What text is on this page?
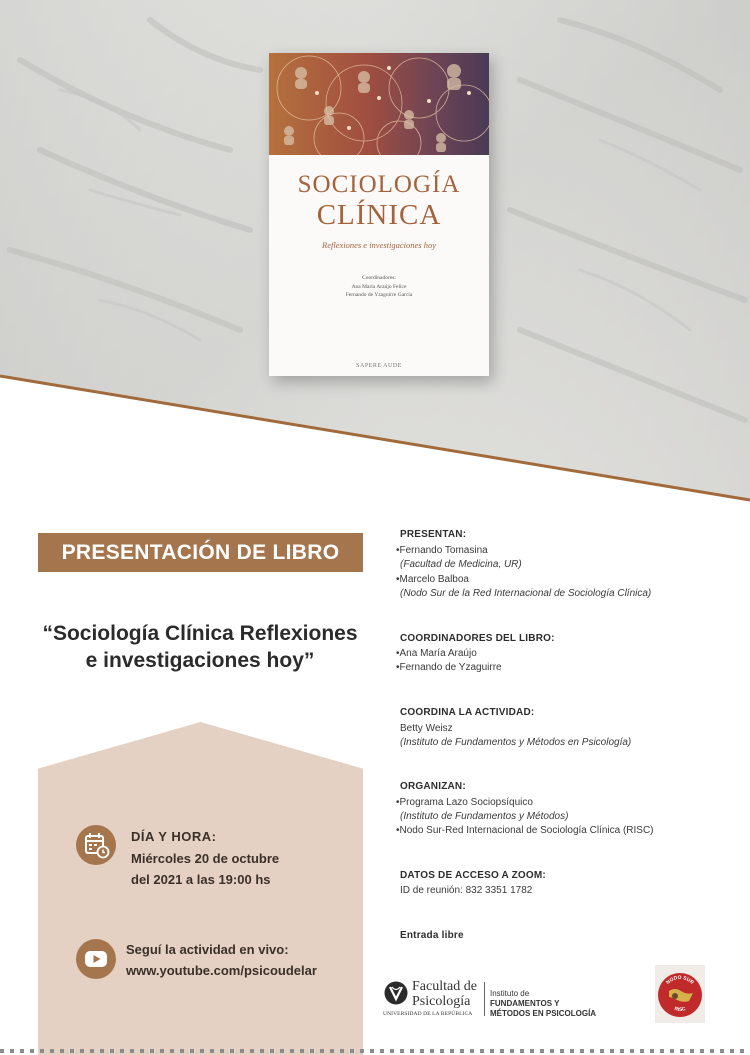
SOCIOLOGÍA
CLÍNICA
Reflexiones e investigaciones hoy
Coordinadores:
Ana María Araújo Felice
Fernando de Yzaguirre García
SAPERE AUDE
PRESENTACIÓN DE LIBRO
“Sociología Clínica Reflexiones
e investigaciones hoy”
DÍA Y HORA:
Miércoles 20 de octubre
del 2021 a las 19:00 hs
Seguí la actividad en vivo:
www.youtube.com/psicoudelar
PRESENTAN:
•Fernando Tomasina
(Facultad de Medicina, UR)
•Marcelo Balboa
(Nodo Sur de la Red Internacional de Sociología Clínica)
COORDINADORES DEL LIBRO:
•Ana María Araújo
•Fernando de Yzaguirre
COORDINA LA ACTIVIDAD:
Betty Weisz
(Instituto de Fundamentos y Métodos en Psicología)
ORGANIZAN:
•Programa Lazo Sociopsíquico
(Instituto de Fundamentos y Métodos)
•Nodo Sur-Red Internacional de Sociología Clínica (RISC)
DATOS DE ACCESO A ZOOM:
ID de reunión: 832 3351 1782
Entrada libre
Facultad de
Psicología
UNIVERSIDAD DE LA REPÚBLICA
Instituto de
FUNDAMENTOS Y
MÉTODOS EN PSICOLOGÍA
NODO SUR
RISC
